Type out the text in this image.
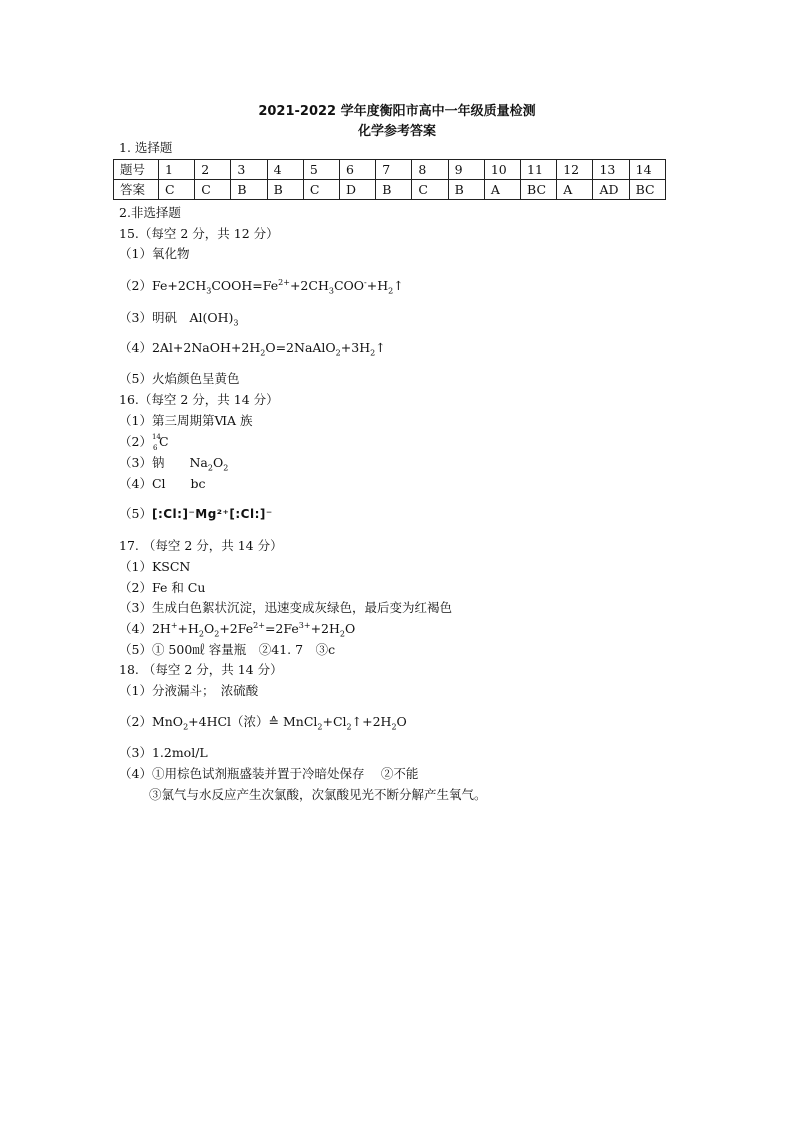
2021-2022 学年度衡阳市高中一年级质量检测
化学参考答案
1. 选择题
题号	1	2	3	4	5	6	7	8	9	10	11	12	13	14
答案	C	C	B	B	C	D	B	C	B	A	BC	A	AD	BC
2.非选择题
15.（每空 2 分，共 12 分）
（1）氧化物
$(2)Fe+2CH_3COOH=Fe^{2+}+2CH_3COO^-+H_2↑$
（3）明矾　$Al(OH)_3$
$(4)2Al+2NaOH+2H_2O=2NaAlO_2+3H_2↑$
（5）火焰颜色呈黄色
16.（每空 2 分，共 14 分）
（1）第三周期第ⅥA 族
（2） 14
6 C
（3）钠　　$Na_2O_2$
（4）Cl　　bc
（5）[:Cl:]⁻Mg²⁺[:Cl:]⁻
17. （每空 2 分，共 14 分）
（1）KSCN
（2）Fe 和 Cu
（3）生成白色絮状沉淀，迅速变成灰绿色，最后变为红褐色
$(4)2H^++H_2O_2+2Fe^{2+}=2Fe^{3+}+2H_2O$
（5）① 500㎖ 容量瓶　②41. 7　③c
18. （每空 2 分，共 14 分）
（1）分液漏斗；　浓硫酸
（2）MnO$_2$+4HCl（浓）≙ $MnCl_2+Cl_2↑+2H_2O$
（3）1.2mol/L
（4）①用棕色试剂瓶盛装并置于冷暗处保存　 ②不能
③氯气与水反应产生次氯酸，次氯酸见光不断分解产生氧气。
